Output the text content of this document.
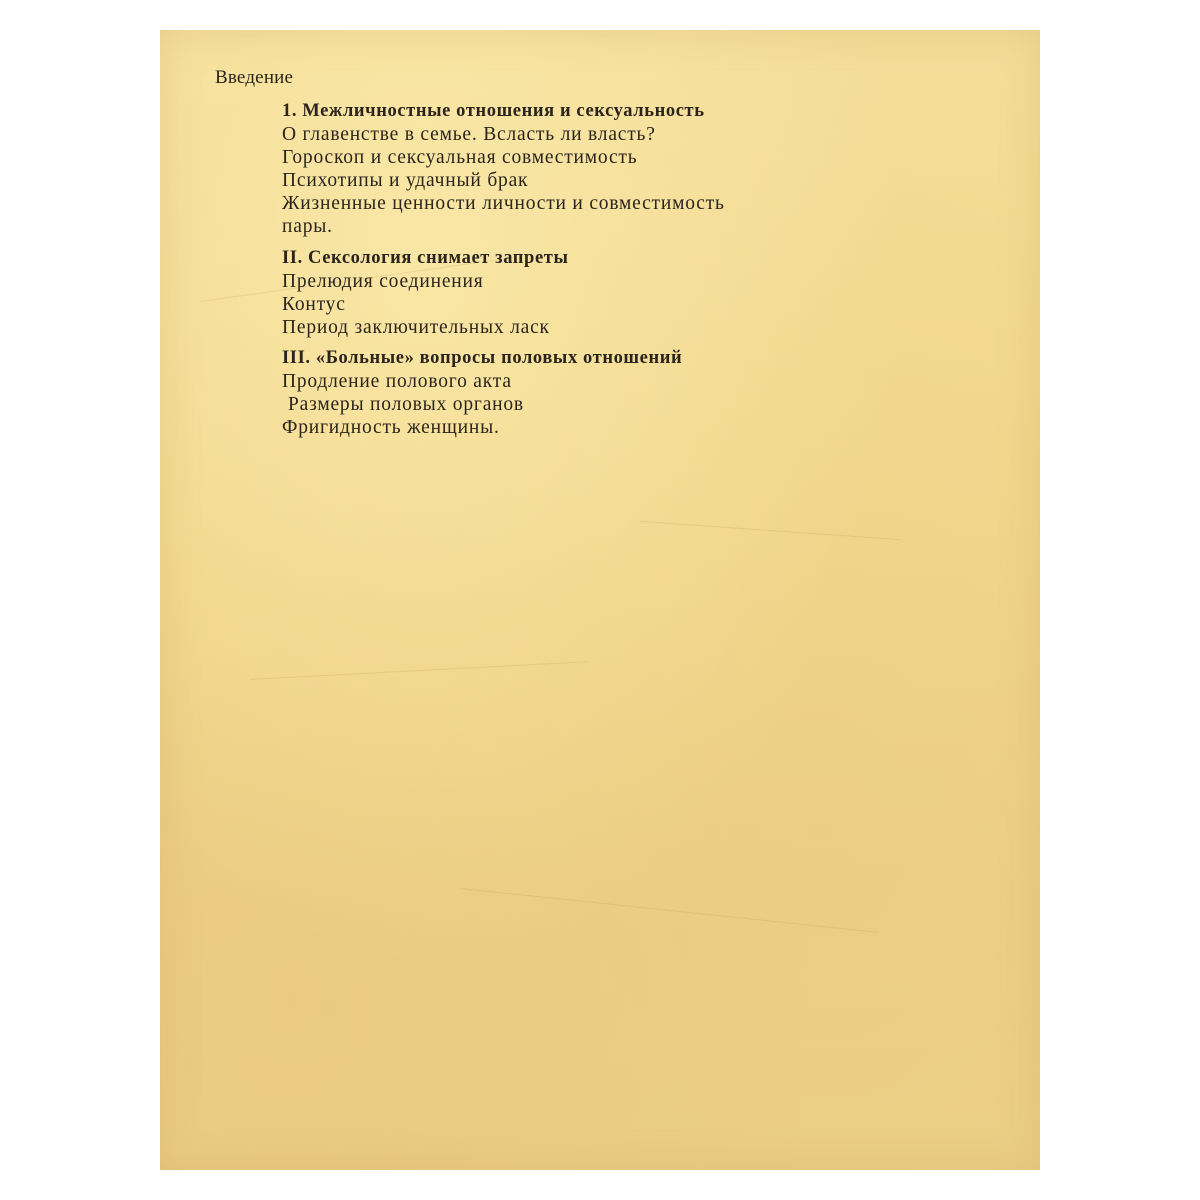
Введение
1. Межличностные отношения и сексуальность
О главенстве в семье. Всласть ли власть?
Гороскоп и сексуальная совместимость
Психотипы и удачный брак
Жизненные ценности личности и совместимость
пары.
II. Сексология снимает запреты
Прелюдия соединения
Контус
Период заключительных ласк
III. «Больные» вопросы половых отношений
Продление полового акта
Размеры половых органов
Фригидность женщины.
